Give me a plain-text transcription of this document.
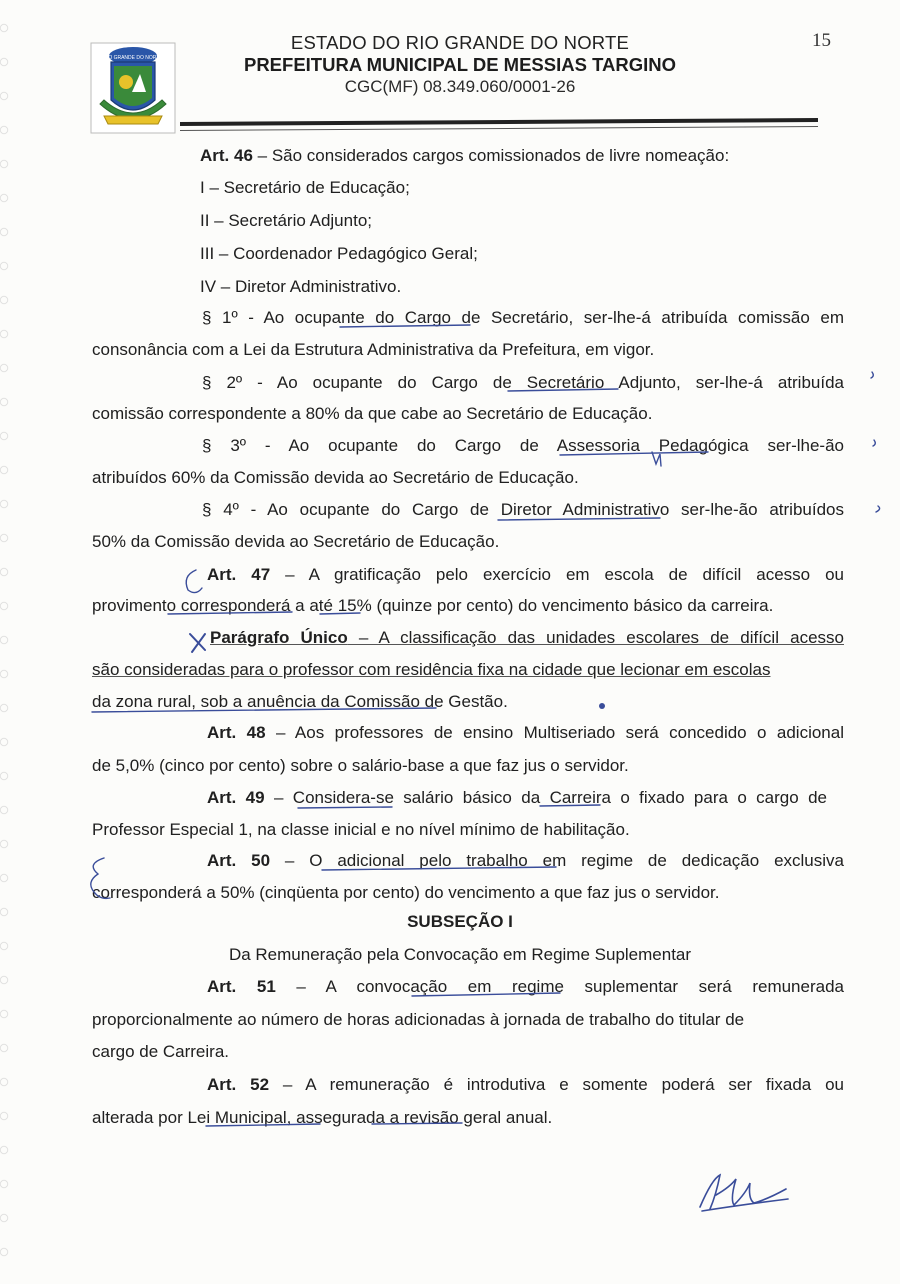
15
RIO GRANDE DO NORTE
ESTADO DO RIO GRANDE DO NORTE
PREFEITURA MUNICIPAL DE MESSIAS TARGINO
CGC(MF) 08.349.060/0001-26
Art. 46 – São considerados cargos comissionados de livre nomeação:
I – Secretário de Educação;
II – Secretário Adjunto;
III – Coordenador Pedagógico Geral;
IV – Diretor Administrativo.
§ 1º - Ao ocupante do Cargo de Secretário, ser-lhe-á atribuída comissão em
consonância com a Lei da Estrutura Administrativa da Prefeitura, em vigor.
§ 2º - Ao ocupante do Cargo de Secretário Adjunto, ser-lhe-á atribuída
comissão correspondente a 80% da que cabe ao Secretário de Educação.
§ 3º - Ao ocupante do Cargo de Assessoria Pedagógica ser-lhe-ão
atribuídos 60% da Comissão devida ao Secretário de Educação.
§ 4º - Ao ocupante do Cargo de Diretor Administrativo ser-lhe-ão atribuídos
50% da Comissão devida ao Secretário de Educação.
Art. 47 – A gratificação pelo exercício em escola de difícil acesso ou
provimento corresponderá a até 15% (quinze por cento) do vencimento básico da carreira.
Parágrafo Único – A classificação das unidades escolares de difícil acesso
são consideradas para o professor com residência fixa na cidade que lecionar em escolas
da zona rural, sob a anuência da Comissão de Gestão.
Art. 48 – Aos professores de ensino Multiseriado será concedido o adicional
de 5,0% (cinco por cento) sobre o salário-base a que faz jus o servidor.
Art. 49 – Considera-se salário básico da Carreira o fixado para o cargo de
Professor Especial 1, na classe inicial e no nível mínimo de habilitação.
Art. 50 – O adicional pelo trabalho em regime de dedicação exclusiva
corresponderá a 50% (cinqüenta por cento) do vencimento a que faz jus o servidor.
SUBSEÇÃO I
Da Remuneração pela Convocação em Regime Suplementar
Art. 51 – A convocação em regime suplementar será remunerada
proporcionalmente ao número de horas adicionadas à jornada de trabalho do titular de
cargo de Carreira.
Art. 52 – A remuneração é introdutiva e somente poderá ser fixada ou
alterada por Lei Municipal, assegurada a revisão geral anual.
